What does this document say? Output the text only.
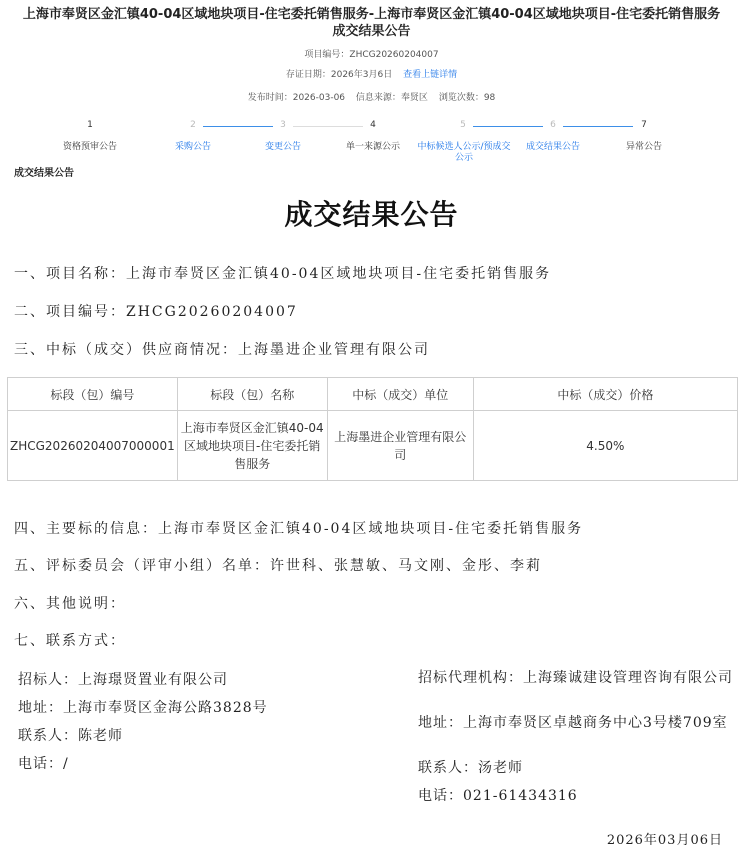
上海市奉贤区金汇镇40-04区域地块项目-住宅委托销售服务-上海市奉贤区金汇镇40-04区域地块项目-住宅委托销售服务成交结果公告
项目编号：ZHCG20260204007
存证日期：2026年3月6日 查看上链详情
发布时间：2026-03-06 信息来源：奉贤区 浏览次数：98
1	2	3	4	5	6	7
资格预审公告	采购公告	变更公告	单一来源公示	中标候选人公示/预成交公示
成交结果公告	异常公告
成交结果公告
成交结果公告
一、项目名称：上海市奉贤区金汇镇40-04区域地块项目-住宅委托销售服务
二、项目编号：ZHCG20260204007
三、中标（成交）供应商情况：上海墨进企业管理有限公司
标段（包）编号	标段（包）名称	中标（成交）单位	中标（成交）价格
ZHCG20260204007000001	上海市奉贤区金汇镇40-04区域地块项目-住宅委托销售服务	上海墨进企业管理有限公司	4.50%
四、主要标的信息：上海市奉贤区金汇镇40-04区域地块项目-住宅委托销售服务
五、评标委员会（评审小组）名单：许世科、张慧敏、马文刚、金彤、李莉
六、其他说明：
七、联系方式：
招标人：上海璟贤置业有限公司
地址：上海市奉贤区金海公路3828号
联系人：陈老师
电话：/
招标代理机构：上海臻诚建设管理咨询有限公司
地址：上海市奉贤区卓越商务中心3号楼709室
联系人：汤老师
电话：021-61434316
2026年03月06日
